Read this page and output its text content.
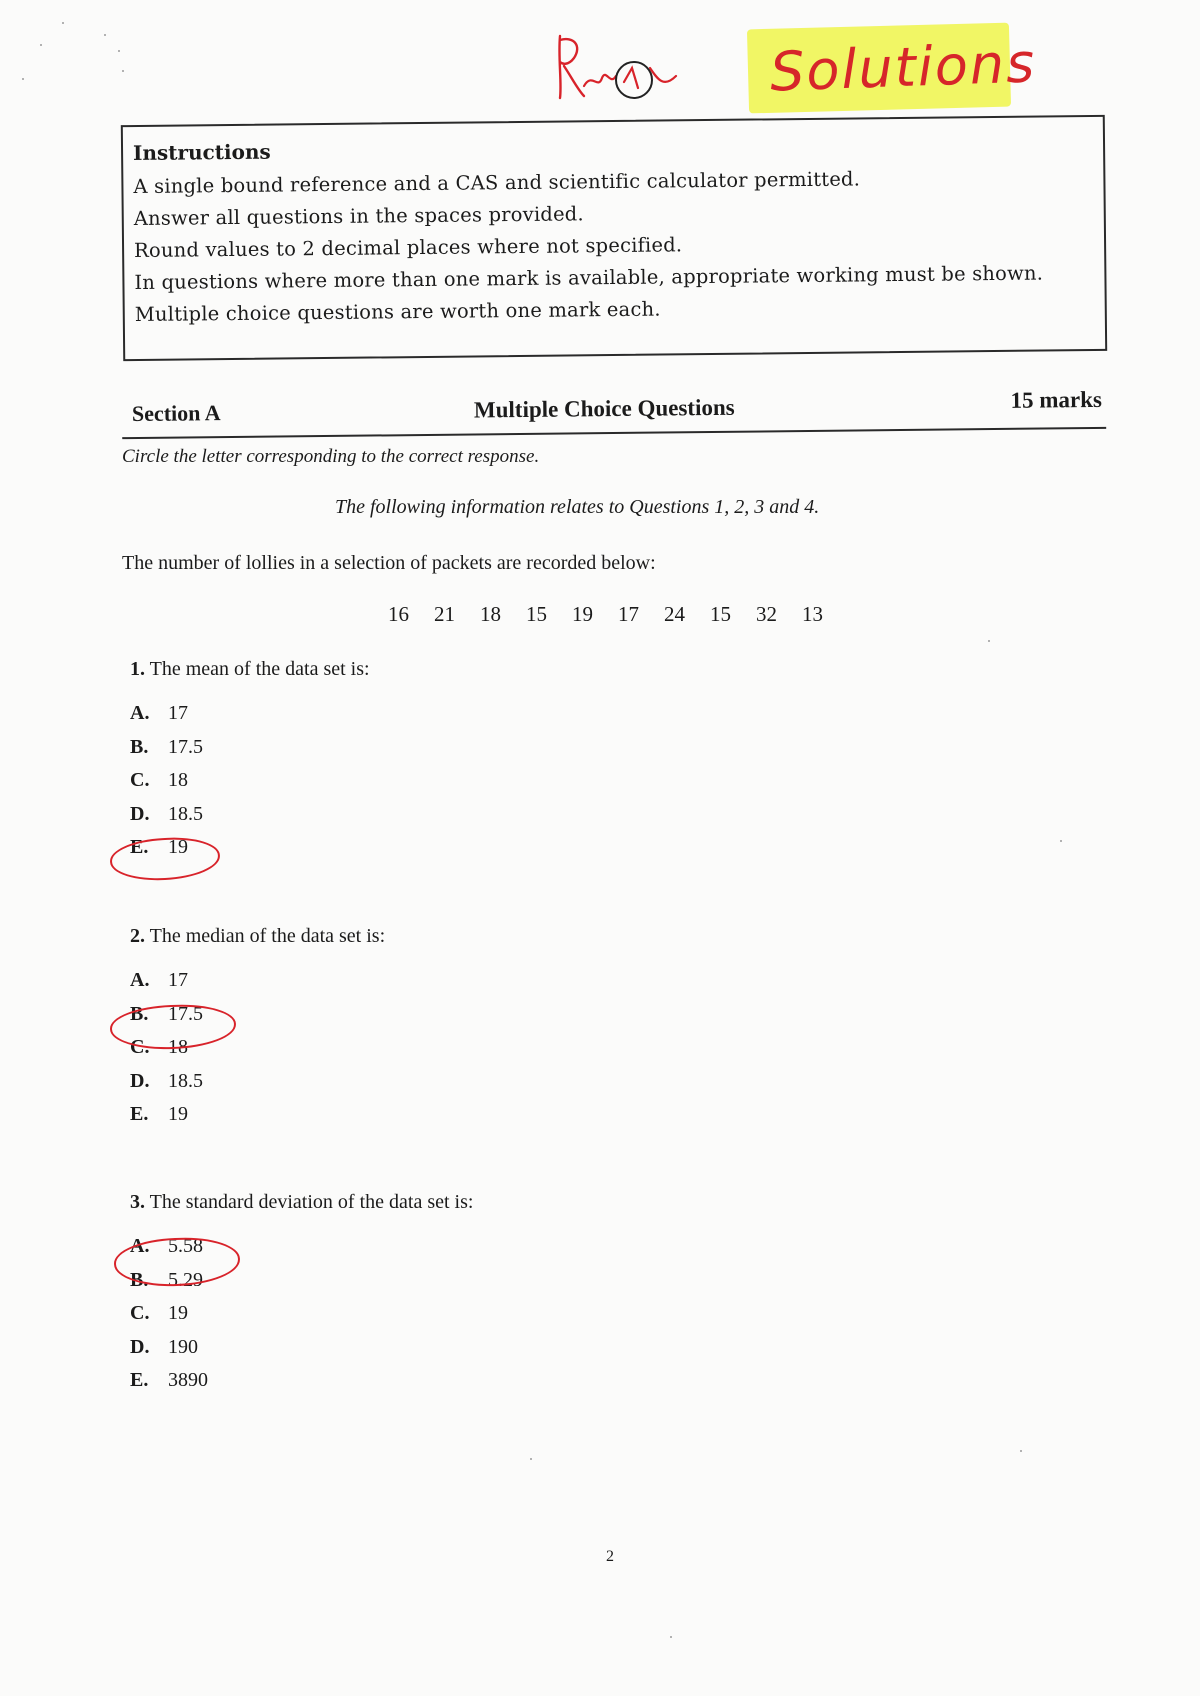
Solutions
Instructions
A single bound reference and a CAS and scientific calculator permitted.
Answer all questions in the spaces provided.
Round values to 2 decimal places where not specified.
In questions where more than one mark is available, appropriate working must be shown.
Multiple choice questions are worth one mark each.
Section A	Multiple Choice Questions	15 marks
Circle the letter corresponding to the correct response.
The following information relates to Questions 1, 2, 3 and 4.
The number of lollies in a selection of packets are recorded below:
16	21	18	15	19	17	24	15	32	13
1. The mean of the data set is:
A. 17
B. 17.5
C. 18
D. 18.5
E. 19
2. The median of the data set is:
A. 17
B. 17.5
C. 18
D. 18.5
E. 19
3. The standard deviation of the data set is:
A. 5.58
B. 5.29
C. 19
D. 190
E. 3890
2
